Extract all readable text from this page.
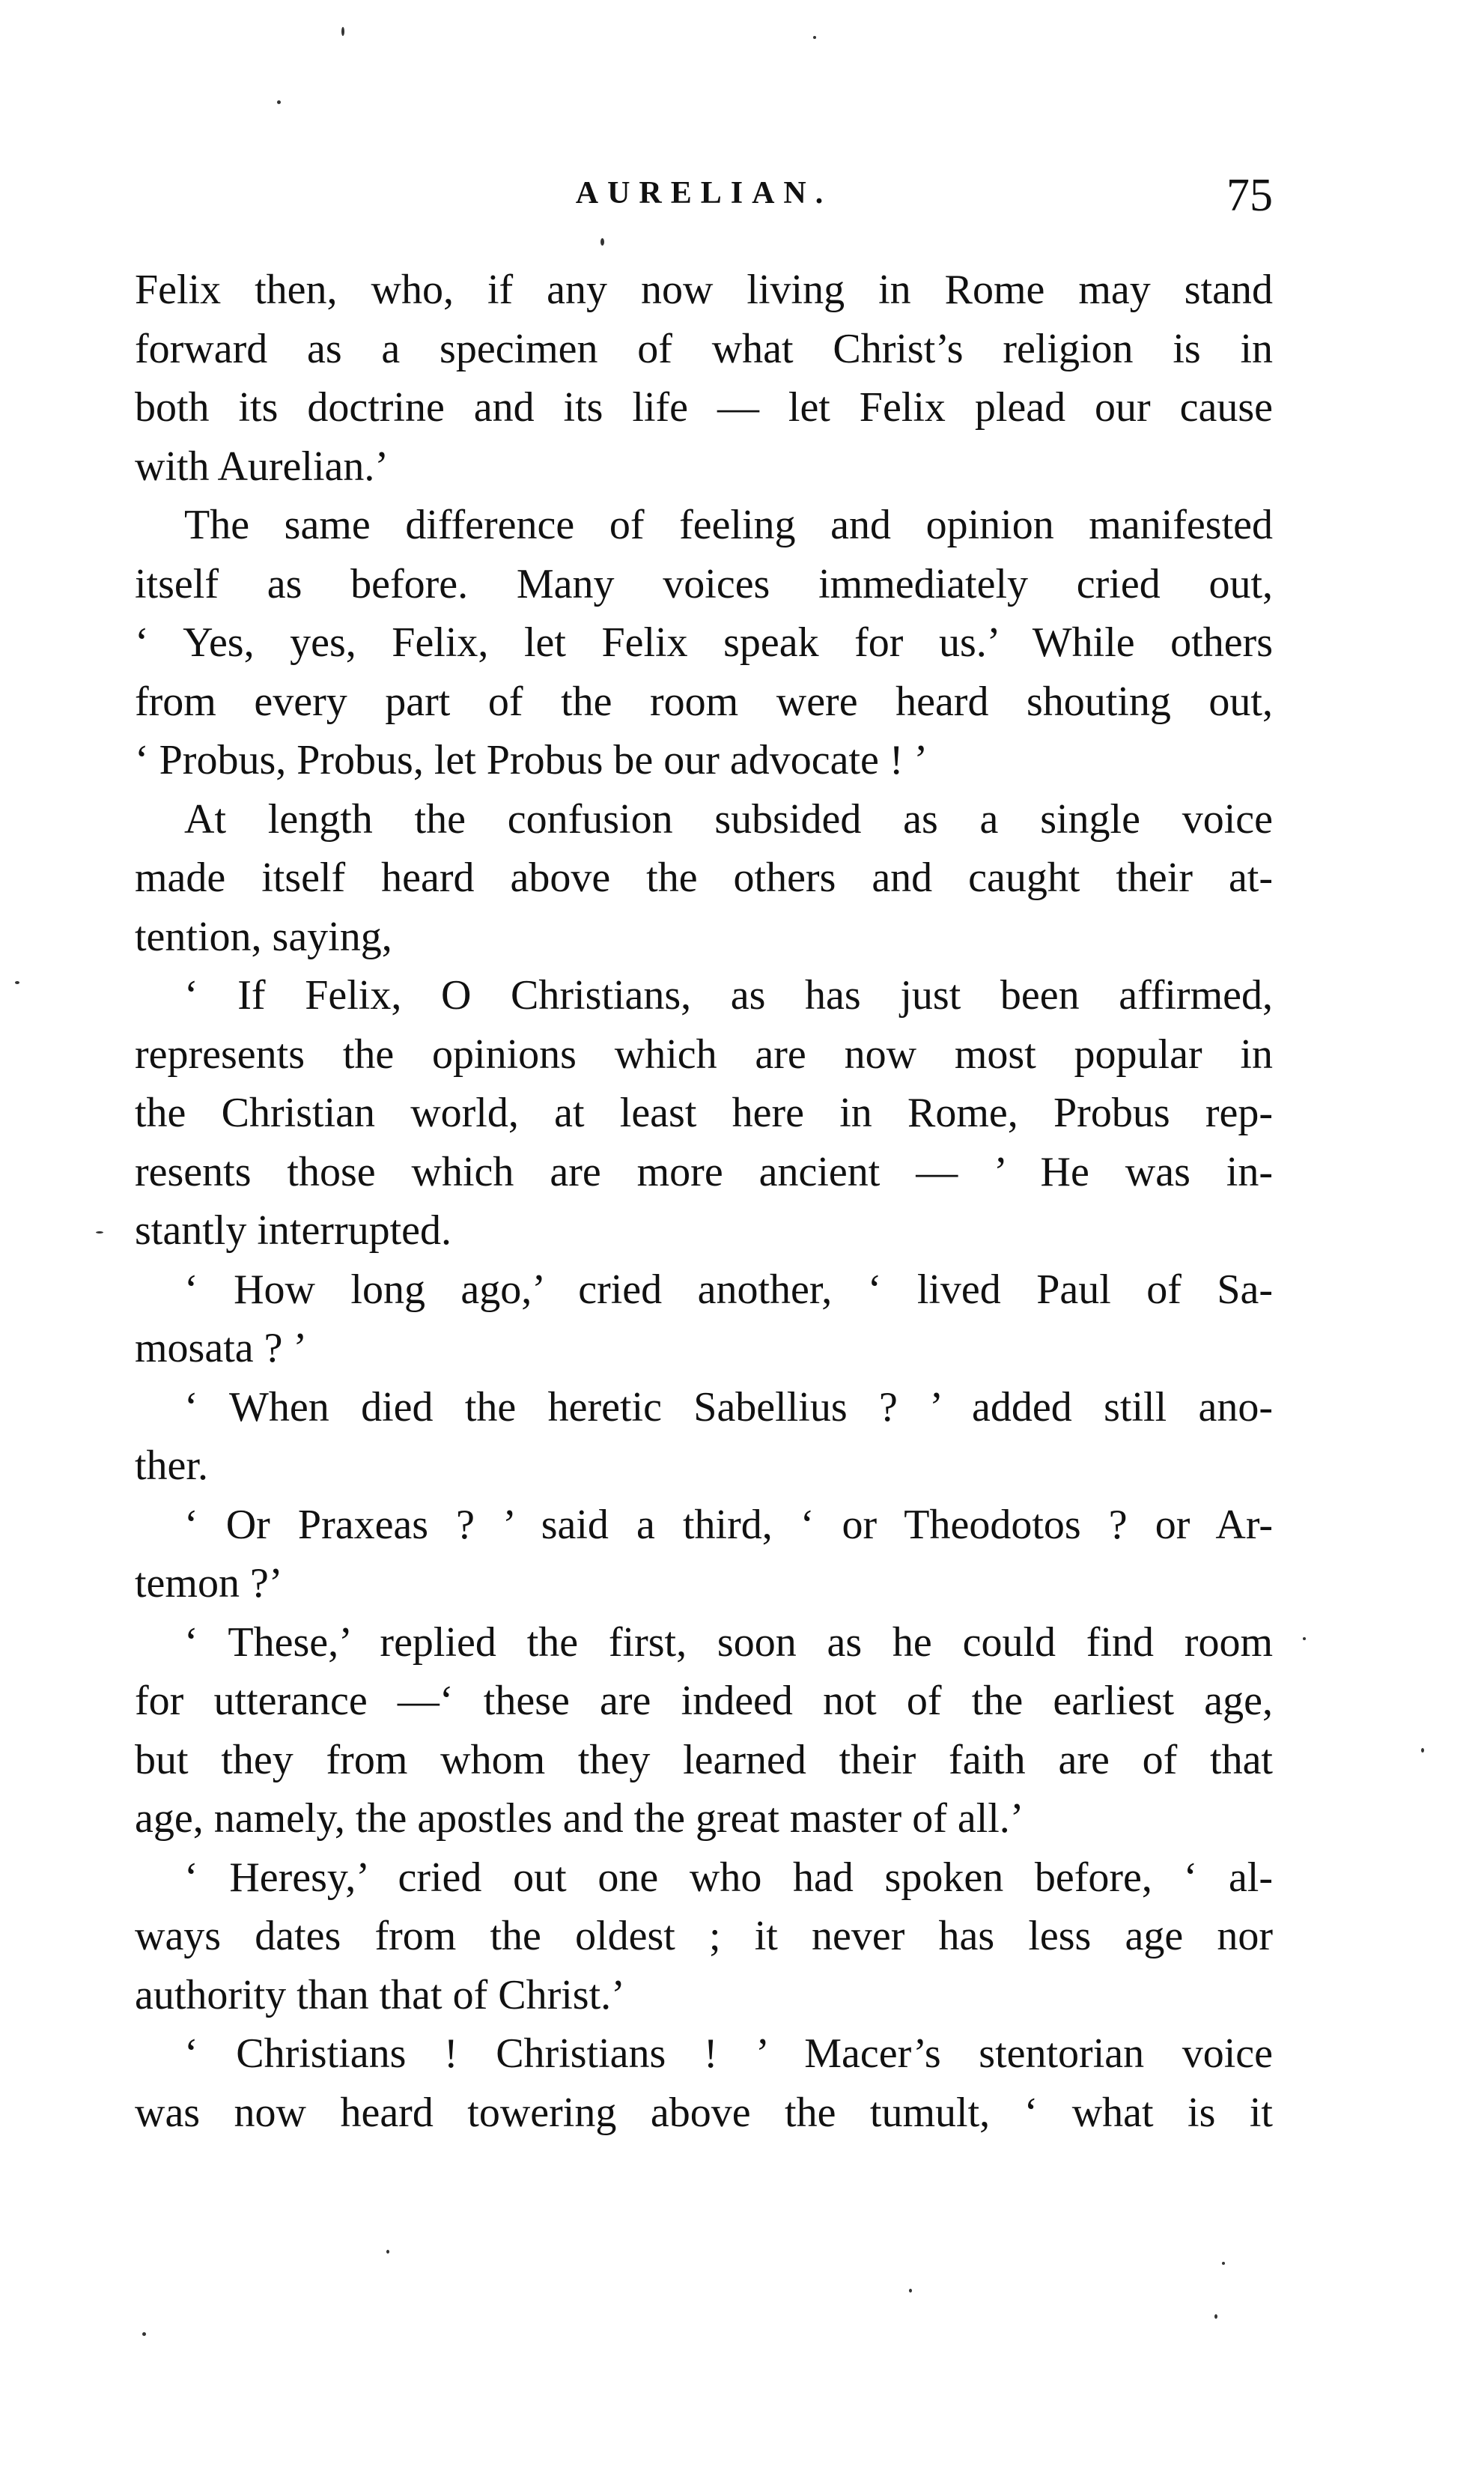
AURELIAN.	75
Felix then, who, if any now living in Rome may stand
forward as a specimen of what Christ’s religion is in
both its doctrine and its life — let Felix plead our cause
with Aurelian.’
The same difference of feeling and opinion manifested
itself as before. Many voices immediately cried out,
‘ Yes, yes, Felix, let Felix speak for us.’ While others
from every part of the room were heard shouting out,
‘ Probus, Probus, let Probus be our advocate ! ’
At length the confusion subsided as a single voice
made itself heard above the others and caught their at-
tention, saying,
‘ If Felix, O Christians, as has just been affirmed,
represents the opinions which are now most popular in
the Christian world, at least here in Rome, Probus rep-
resents those which are more ancient — ’ He was in-
stantly interrupted.
‘ How long ago,’ cried another, ‘ lived Paul of Sa-
mosata ? ’
‘ When died the heretic Sabellius ? ’ added still ano-
ther.
‘ Or Praxeas ? ’ said a third, ‘ or Theodotos ? or Ar-
temon ?’
‘ These,’ replied the first, soon as he could find room
for utterance —‘ these are indeed not of the earliest age,
but they from whom they learned their faith are of that
age, namely, the apostles and the great master of all.’
‘ Heresy,’ cried out one who had spoken before, ‘ al-
ways dates from the oldest ; it never has less age nor
authority than that of Christ.’
‘ Christians ! Christians ! ’ Macer’s stentorian voice
was now heard towering above the tumult, ‘ what is it
